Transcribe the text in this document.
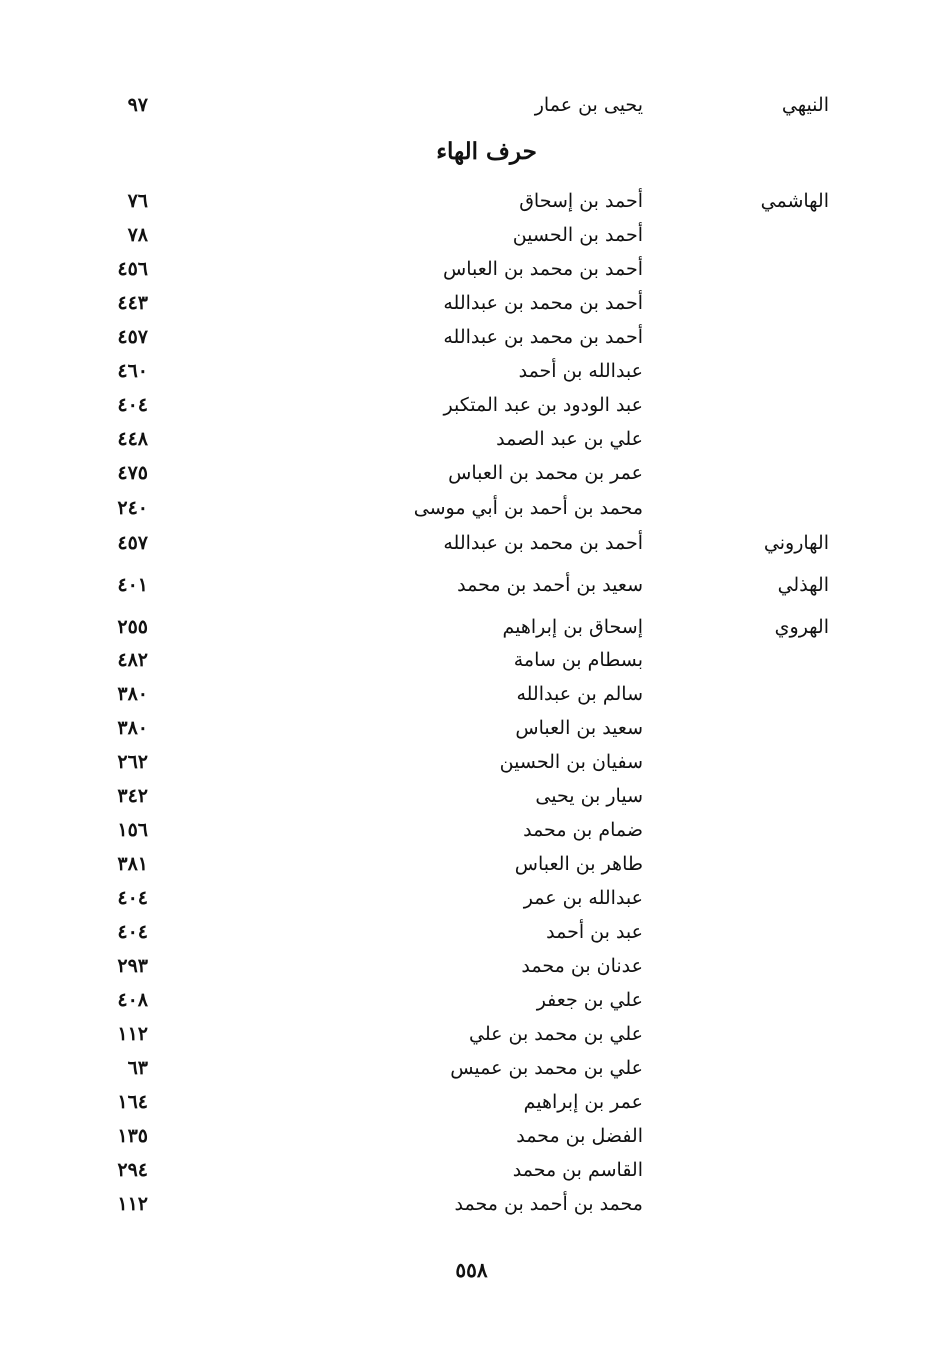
النيهي
يحيى بن عمار
٩٧
حرف الهاء
الهاشمي
أحمد بن إسحاق
٧٦
أحمد بن الحسين
٧٨
أحمد بن محمد بن العباس
٤٥٦
أحمد بن محمد بن عبدالله
٤٤٣
أحمد بن محمد بن عبدالله
٤٥٧
عبدالله بن أحمد
٤٦٠
عبد الودود بن عبد المتكبر
٤٠٤
علي بن عبد الصمد
٤٤٨
عمر بن محمد بن العباس
٤٧٥
محمد بن أحمد بن أبي موسى
٢٤٠
الهاروني
أحمد بن محمد بن عبدالله
٤٥٧
الهذلي
سعيد بن أحمد بن محمد
٤٠١
الهروي
إسحاق بن إبراهيم
٢٥٥
بسطام بن سامة
٤٨٢
سالم بن عبدالله
٣٨٠
سعيد بن العباس
٣٨٠
سفيان بن الحسين
٢٦٢
سيار بن يحيى
٣٤٢
ضمام بن محمد
١٥٦
طاهر بن العباس
٣٨١
عبدالله بن عمر
٤٠٤
عبد بن أحمد
٤٠٤
عدنان بن محمد
٢٩٣
علي بن جعفر
٤٠٨
علي بن محمد بن علي
١١٢
علي بن محمد بن عميس
٦٣
عمر بن إبراهيم
١٦٤
الفضل بن محمد
١٣٥
القاسم بن محمد
٢٩٤
محمد بن أحمد بن محمد
١١٢
٥٥٨
